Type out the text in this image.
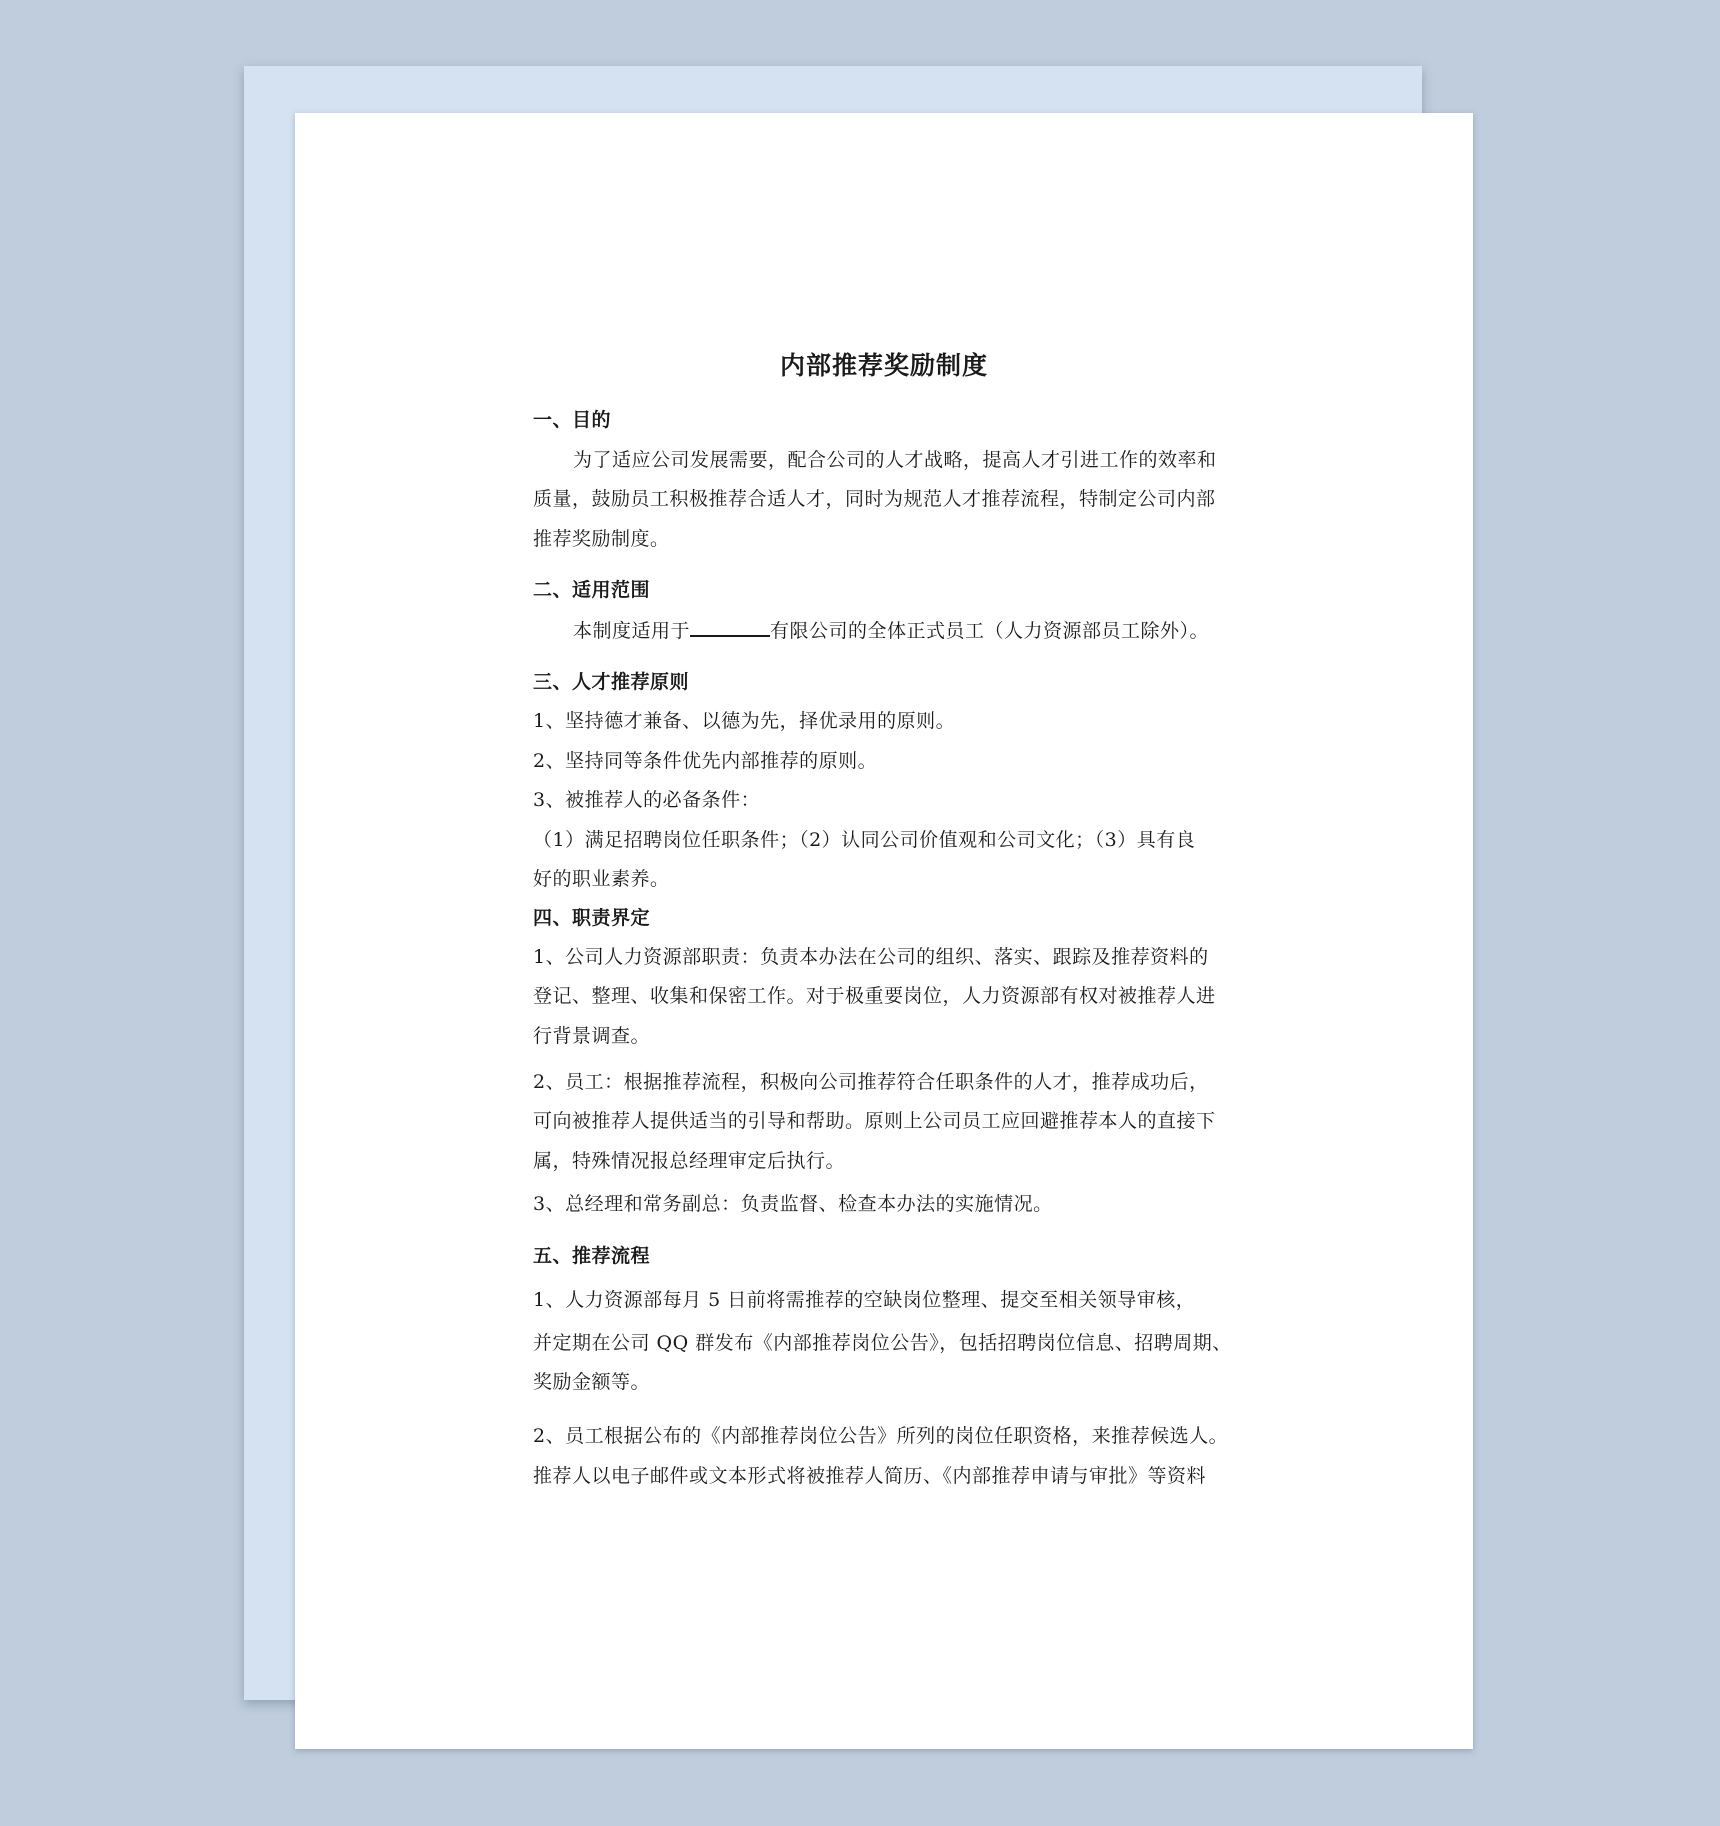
内部推荐奖励制度
一、目的
为了适应公司发展需要，配合公司的人才战略，提高人才引进工作的效率和
质量，鼓励员工积极推荐合适人才，同时为规范人才推荐流程，特制定公司内部
推荐奖励制度。
二、适用范围
本制度适用于	有限公司的全体正式员工（人力资源部员工除外）。
三、人才推荐原则
1、坚持德才兼备、以德为先，择优录用的原则。
2、坚持同等条件优先内部推荐的原则。
3、被推荐人的必备条件：
（1）满足招聘岗位任职条件；（2）认同公司价值观和公司文化；（3）具有良
好的职业素养。
四、职责界定
1、公司人力资源部职责：负责本办法在公司的组织、落实、跟踪及推荐资料的
登记、整理、收集和保密工作。对于极重要岗位，人力资源部有权对被推荐人进
行背景调查。
2、员工：根据推荐流程，积极向公司推荐符合任职条件的人才，推荐成功后，
可向被推荐人提供适当的引导和帮助。原则上公司员工应回避推荐本人的直接下
属，特殊情况报总经理审定后执行。
3、总经理和常务副总：负责监督、检查本办法的实施情况。
五、推荐流程
1、人力资源部每月 5 日前将需推荐的空缺岗位整理、提交至相关领导审核，
并定期在公司 QQ 群发布《内部推荐岗位公告》，包括招聘岗位信息、招聘周期、
奖励金额等。
2、员工根据公布的《内部推荐岗位公告》所列的岗位任职资格，来推荐候选人。
推荐人以电子邮件或文本形式将被推荐人简历、《内部推荐申请与审批》等资料
